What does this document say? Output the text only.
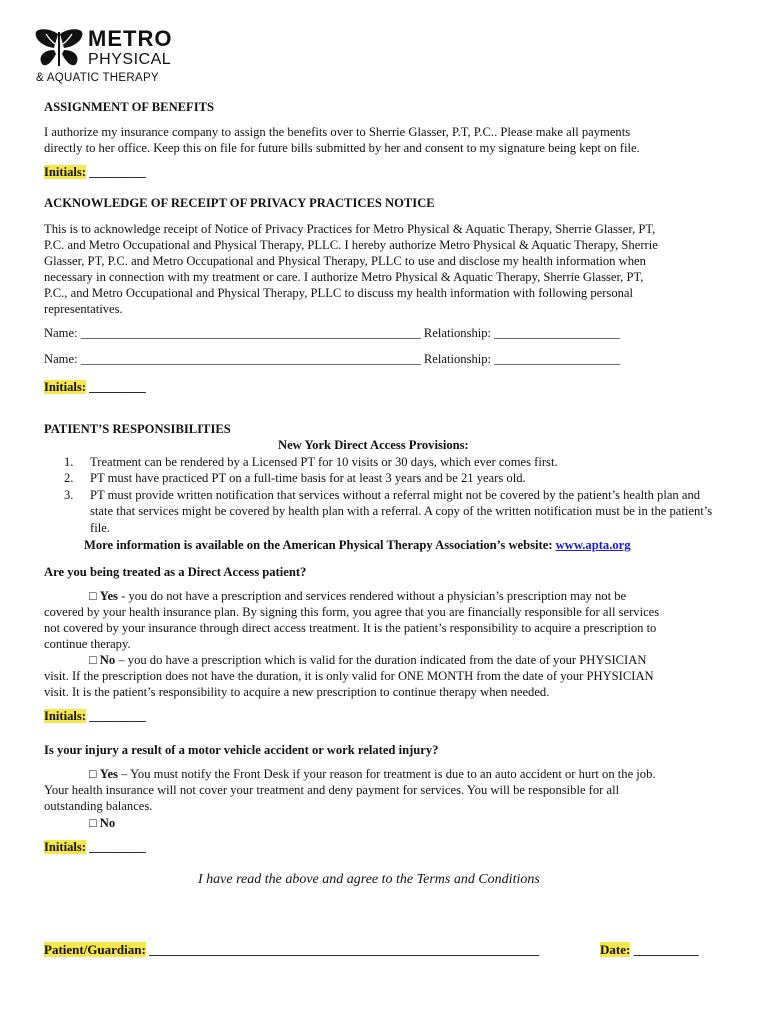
METRO
PHYSICAL
& AQUATIC THERAPY
ASSIGNMENT OF BENEFITS
I authorize my insurance company to assign the benefits over to Sherrie Glasser, P.T, P.C.. Please make all payments
directly to her office. Keep this on file for future bills submitted by her and consent to my signature being kept on file.
Initials: _________
ACKNOWLEDGE OF RECEIPT OF PRIVACY PRACTICES NOTICE
This is to acknowledge receipt of Notice of Privacy Practices for Metro Physical & Aquatic Therapy, Sherrie Glasser, PT,
P.C. and Metro Occupational and Physical Therapy, PLLC. I hereby authorize Metro Physical & Aquatic Therapy, Sherrie
Glasser, PT, P.C. and Metro Occupational and Physical Therapy, PLLC to use and disclose my health information when
necessary in connection with my treatment or care. I authorize Metro Physical & Aquatic Therapy, Sherrie Glasser, PT,
P.C., and Metro Occupational and Physical Therapy, PLLC to discuss my health information with following personal
representatives.
Name: ______________________________________________________ Relationship: ____________________
Name: ______________________________________________________ Relationship: ____________________
Initials: _________
PATIENT’S RESPONSIBILITIES
New York Direct Access Provisions:
1. Treatment can be rendered by a Licensed PT for 10 visits or 30 days, which ever comes first.
2. PT must have practiced PT on a full-time basis for at least 3 years and be 21 years old.
3. PT must provide written notification that services without a referral might not be covered by the patient’s health plan and state that services might be covered by health plan with a referral. A copy of the written notification must be in the patient’s file.
More information is available on the American Physical Therapy Association’s website: www.apta.org
Are you being treated as a Direct Access patient?
□ Yes - you do not have a prescription and services rendered without a physician’s prescription may not be
covered by your health insurance plan. By signing this form, you agree that you are financially responsible for all services
not covered by your insurance through direct access treatment. It is the patient’s responsibility to acquire a prescription to
continue therapy.
□ No – you do have a prescription which is valid for the duration indicated from the date of your PHYSICIAN
visit. If the prescription does not have the duration, it is only valid for ONE MONTH from the date of your PHYSICIAN
visit. It is the patient’s responsibility to acquire a new prescription to continue therapy when needed.
Initials: _________
Is your injury a result of a motor vehicle accident or work related injury?
□ Yes – You must notify the Front Desk if your reason for treatment is due to an auto accident or hurt on the job.
Your health insurance will not cover your treatment and deny payment for services. You will be responsible for all
outstanding balances.
□ No
Initials: _________
I have read the above and agree to the Terms and Conditions
Patient/Guardian: ____________________________________________________________	Date: __________
